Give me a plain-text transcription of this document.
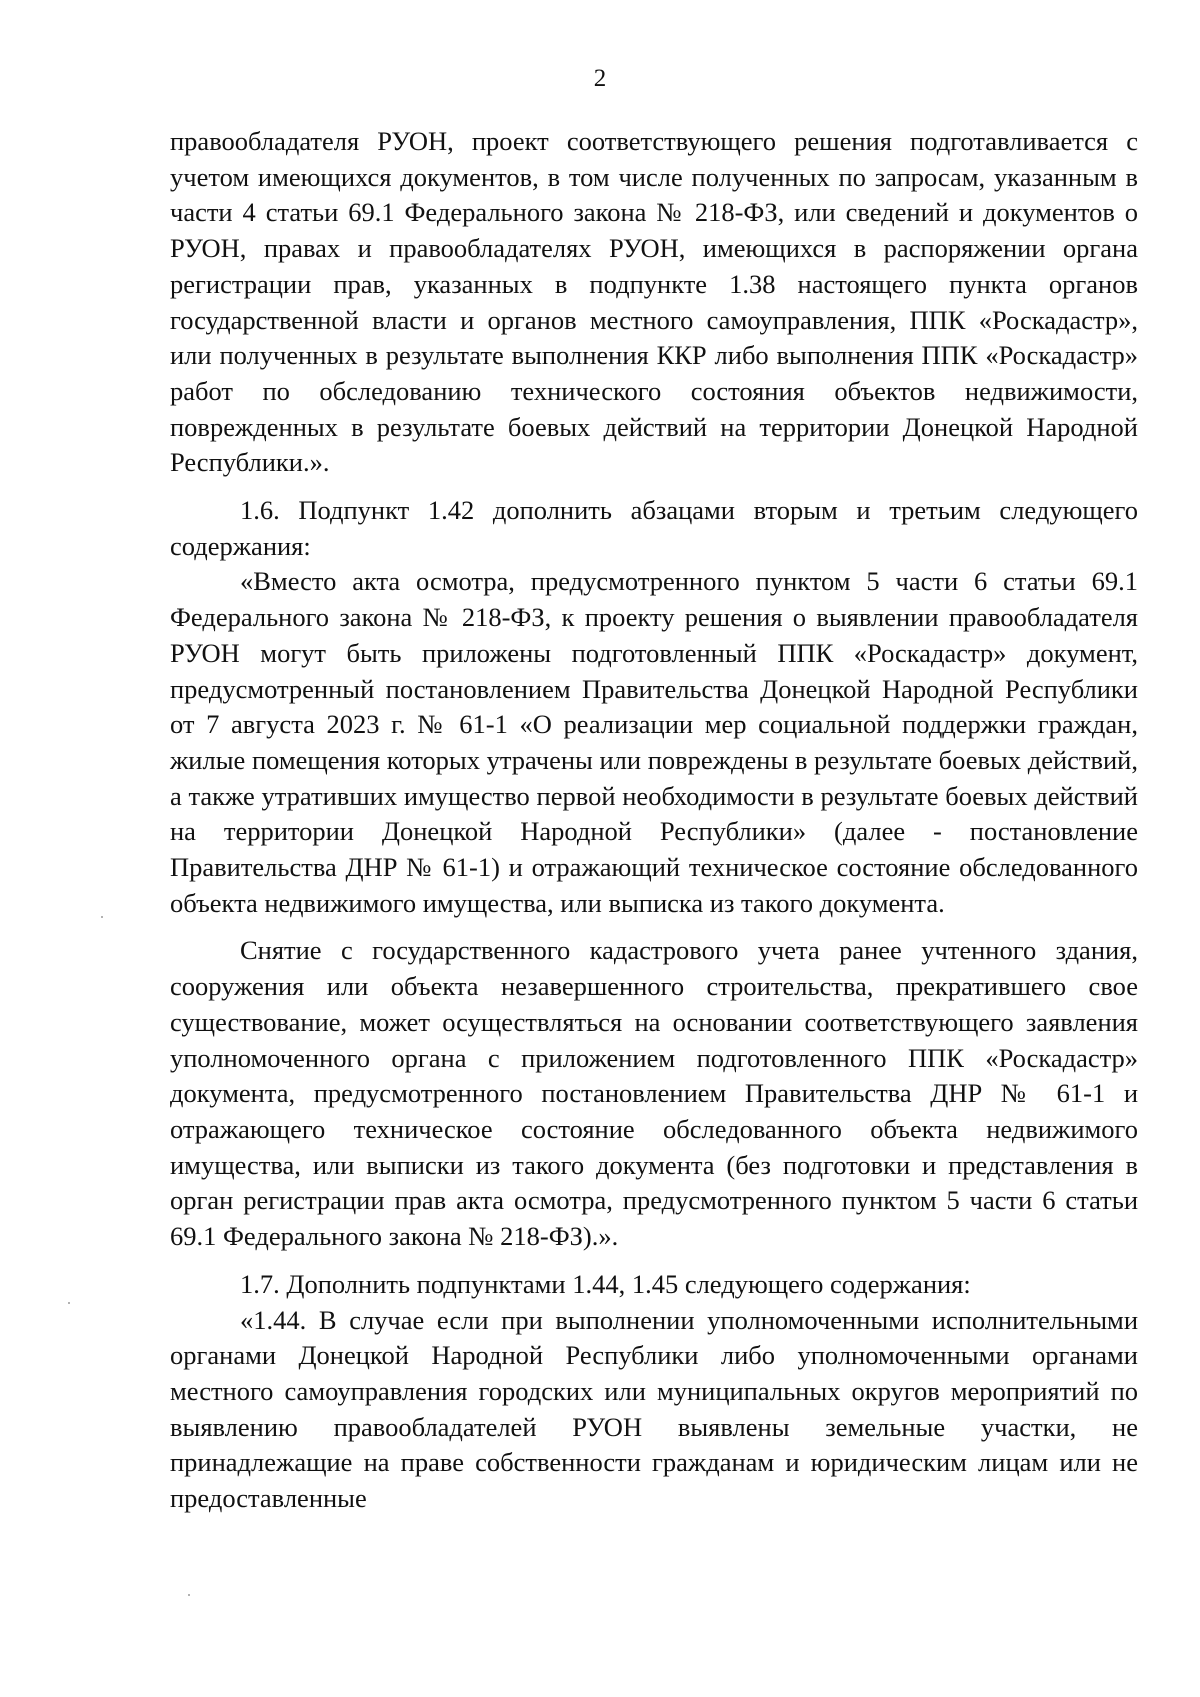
2

правообладателя РУОН, проект соответствующего решения подготавливается с учетом имеющихся документов, в том числе полученных по запросам, указанным в части 4 статьи 69.1 Федерального закона № 218-ФЗ, или сведений и документов о РУОН, правах и правообладателях РУОН, имеющихся в распоряжении органа регистрации прав, указанных в подпункте 1.38 настоящего пункта органов государственной власти и органов местного самоуправления, ППК «Роскадастр», или полученных в результате выполнения ККР либо выполнения ППК «Роскадастр» работ по обследованию технического состояния объектов недвижимости, поврежденных в результате боевых действий на территории Донецкой Народной Республики.».

1.6. Подпункт 1.42 дополнить абзацами вторым и третьим следующего содержания:

«Вместо акта осмотра, предусмотренного пунктом 5 части 6 статьи 69.1 Федерального закона № 218-ФЗ, к проекту решения о выявлении правообладателя РУОН могут быть приложены подготовленный ППК «Роскадастр» документ, предусмотренный постановлением Правительства Донецкой Народной Республики от 7 августа 2023 г. № 61-1 «О реализации мер социальной поддержки граждан, жилые помещения которых утрачены или повреждены в результате боевых действий, а также утративших имущество первой необходимости в результате боевых действий на территории Донецкой Народной Республики» (далее - постановление Правительства ДНР № 61-1) и отражающий техническое состояние обследованного объекта недвижимого имущества, или выписка из такого документа.

Снятие с государственного кадастрового учета ранее учтенного здания, сооружения или объекта незавершенного строительства, прекратившего свое существование, может осуществляться на основании соответствующего заявления уполномоченного органа с приложением подготовленного ППК «Роскадастр» документа, предусмотренного постановлением Правительства ДНР № 61-1 и отражающего техническое состояние обследованного объекта недвижимого имущества, или выписки из такого документа (без подготовки и представления в орган регистрации прав акта осмотра, предусмотренного пунктом 5 части 6 статьи 69.1 Федерального закона № 218-ФЗ).».

1.7. Дополнить подпунктами 1.44, 1.45 следующего содержания:

«1.44. В случае если при выполнении уполномоченными исполнительными органами Донецкой Народной Республики либо уполномоченными органами местного самоуправления городских или муниципальных округов мероприятий по выявлению правообладателей РУОН выявлены земельные участки, не принадлежащие на праве собственности гражданам и юридическим лицам или не предоставленные
